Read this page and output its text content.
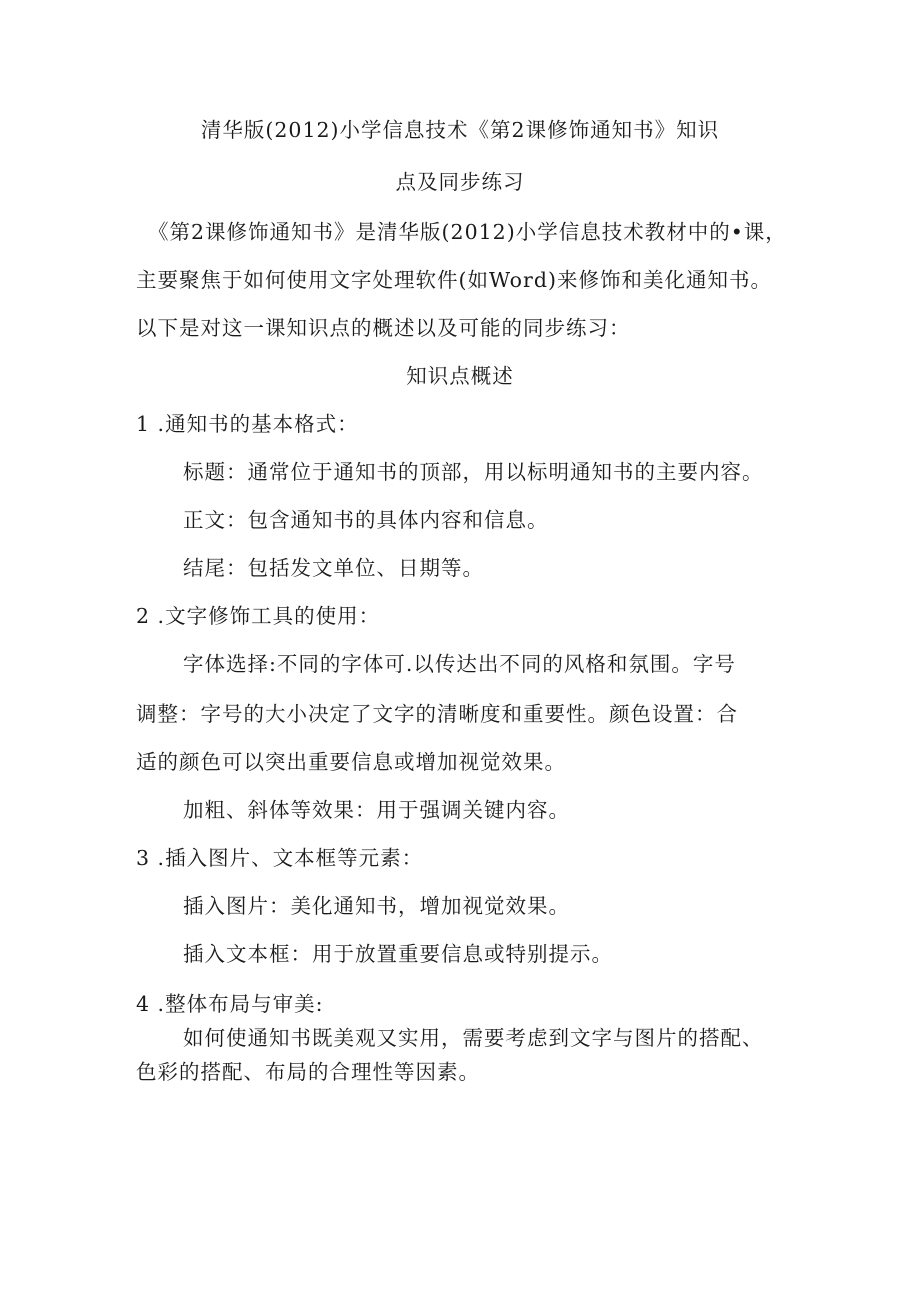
清华版(2012)小学信息技术《第2课修饰通知书》知识
点及同步练习
《第2课修饰通知书》是清华版(2012)小学信息技术教材中的•课，
主要聚焦于如何使用文字处理软件(如Word)来修饰和美化通知书。
以下是对这一课知识点的概述以及可能的同步练习：
知识点概述
1 .通知书的基本格式：
标题：通常位于通知书的顶部，用以标明通知书的主要内容。
正文：包含通知书的具体内容和信息。
结尾：包括发文单位、日期等。
2 .文字修饰工具的使用：
字体选择:不同的字体可.以传达出不同的风格和氛围。字号
调整：字号的大小决定了文字的清晰度和重要性。颜色设置：合
适的颜色可以突出重要信息或增加视觉效果。
加粗、斜体等效果：用于强调关键内容。
3 .插入图片、文本框等元素：
插入图片：美化通知书，增加视觉效果。
插入文本框：用于放置重要信息或特别提示。
4 .整体布局与审美:
如何使通知书既美观又实用，需要考虑到文字与图片的搭配、
色彩的搭配、布局的合理性等因素。
